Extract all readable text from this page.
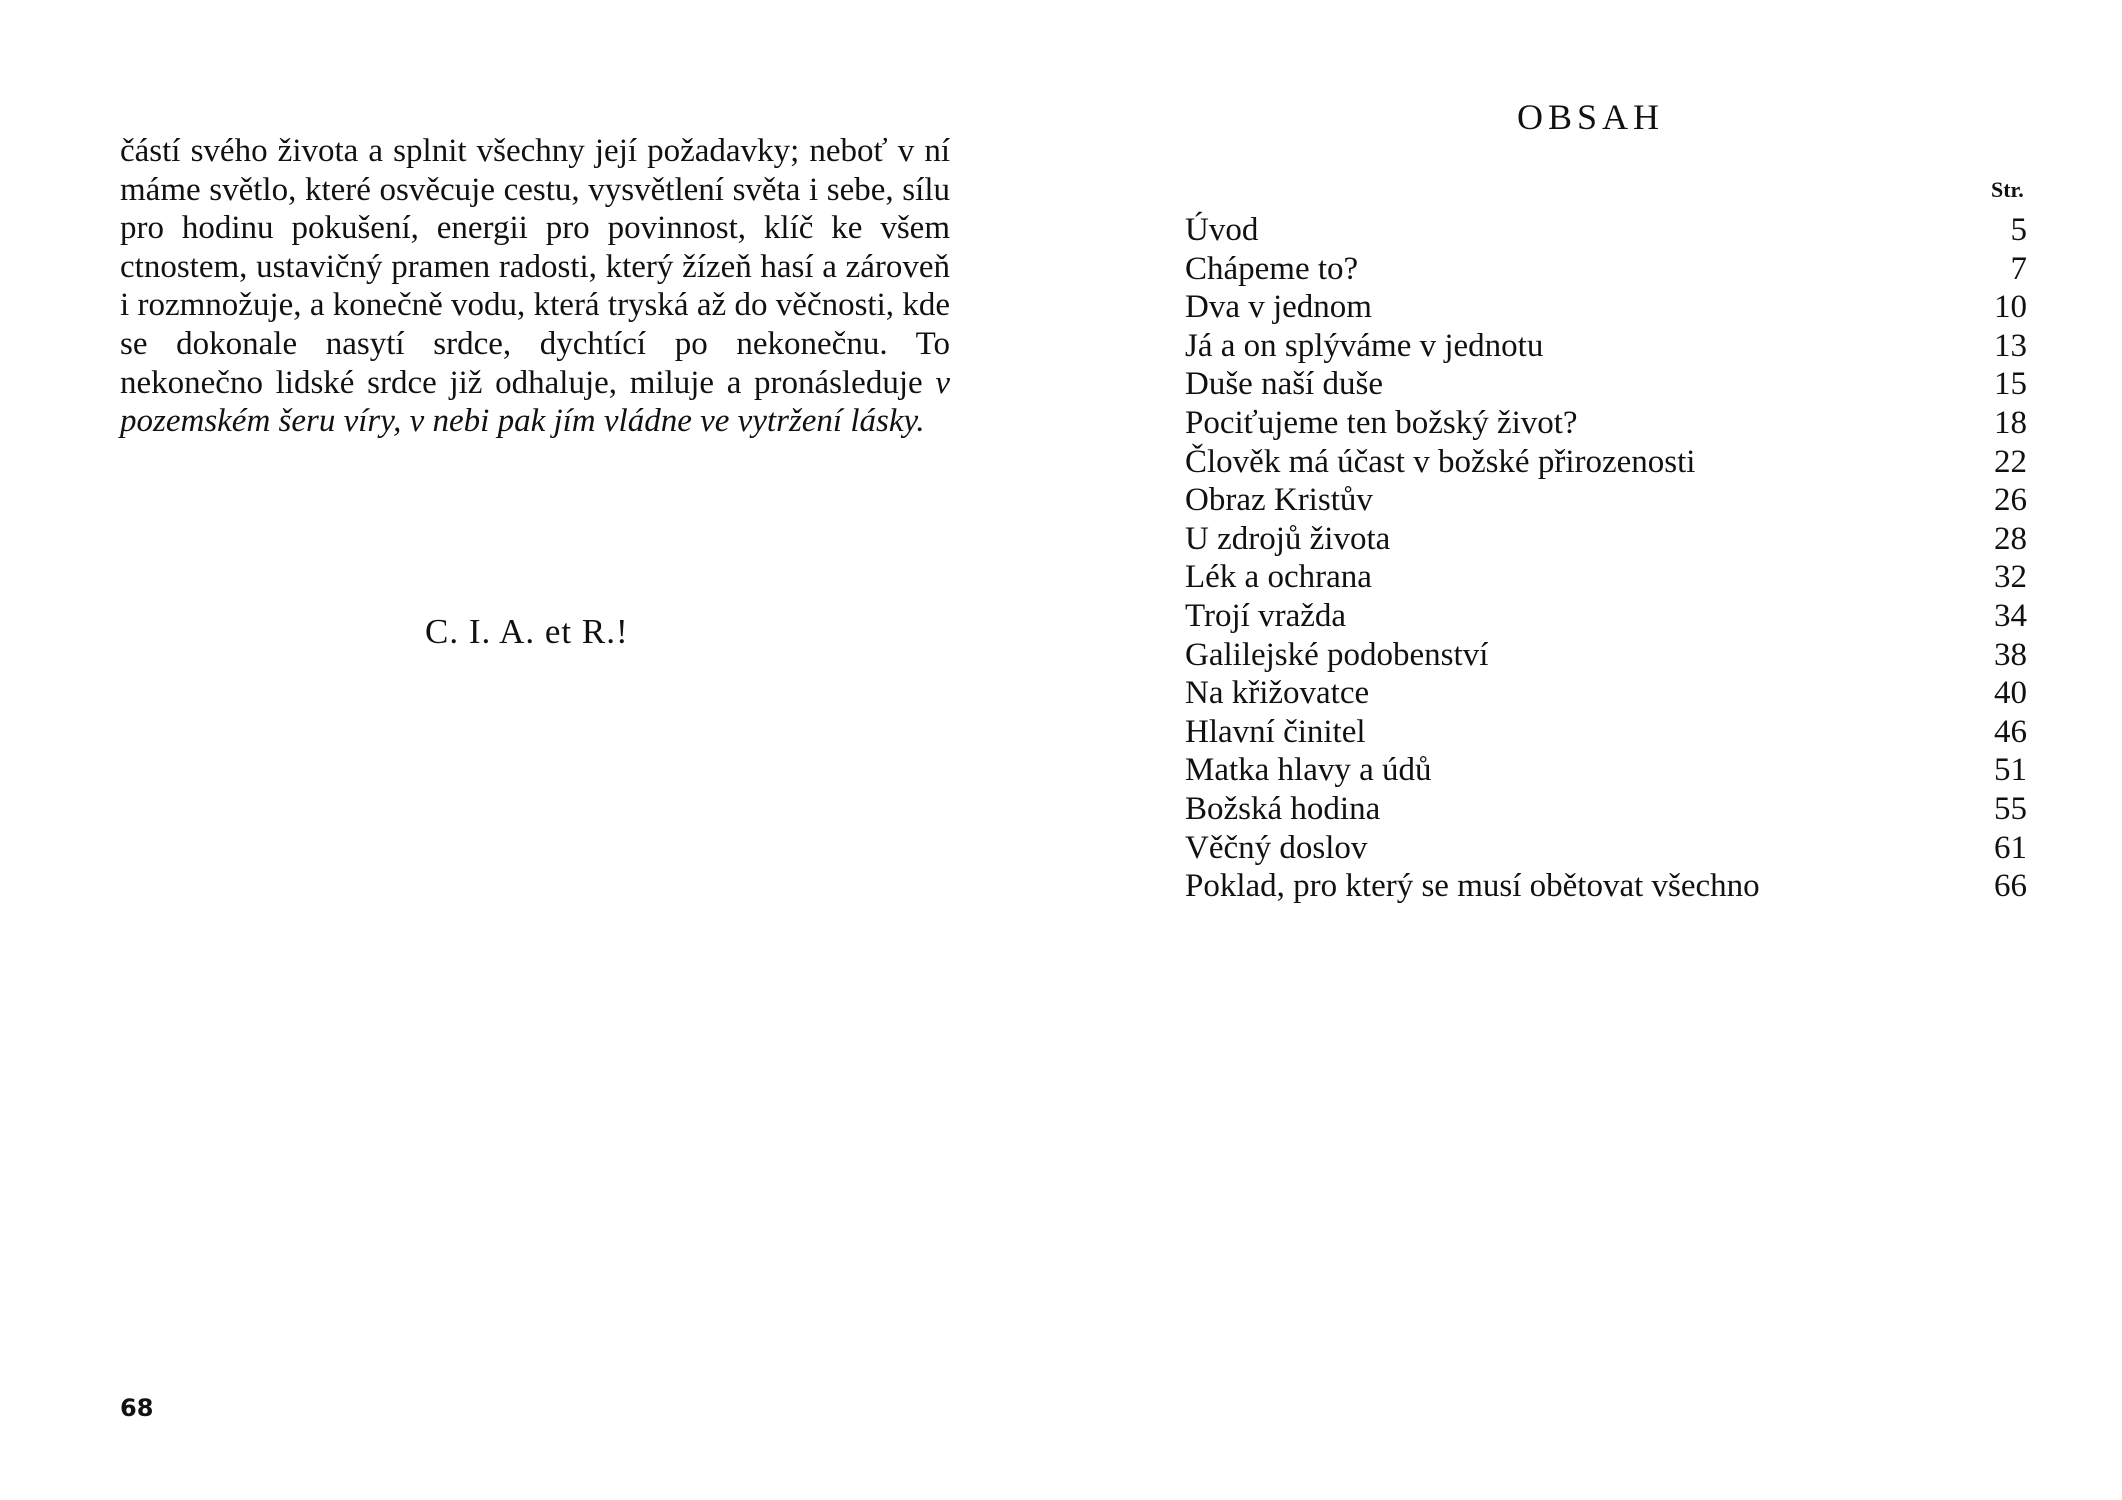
částí svého života a splnit všechny její požadavky; neboť v ní máme světlo, které osvěcuje cestu, vysvětlení světa i sebe, sílu pro hodinu pokušení, energii pro povinnost, klíč ke všem ctnostem, ustavičný pramen radosti, který žízeň hasí a zároveň i rozmnožuje, a konečně vodu, která tryská až do věčnosti, kde se dokonale nasytí srdce, dychtící po nekonečnu. To nekonečno lidské srdce již odhaluje, miluje a pronásleduje v pozemském šeru víry, v nebi pak jím vládne ve vytržení lásky.

C. I. A. et R.!
68
OBSAH
Str.
Úvod	5
Chápeme to?	7
Dva v jednom	10
Já a on splýváme v jednotu	13
Duše naší duše	15
Pociťujeme ten božský život?	18
Člověk má účast v božské přirozenosti	22
Obraz Kristův	26
U zdrojů života	28
Lék a ochrana	32
Trojí vražda	34
Galilejské podobenství	38
Na křižovatce	40
Hlavní činitel	46
Matka hlavy a údů	51
Božská hodina	55
Věčný doslov	61
Poklad, pro který se musí obětovat všechno	66
